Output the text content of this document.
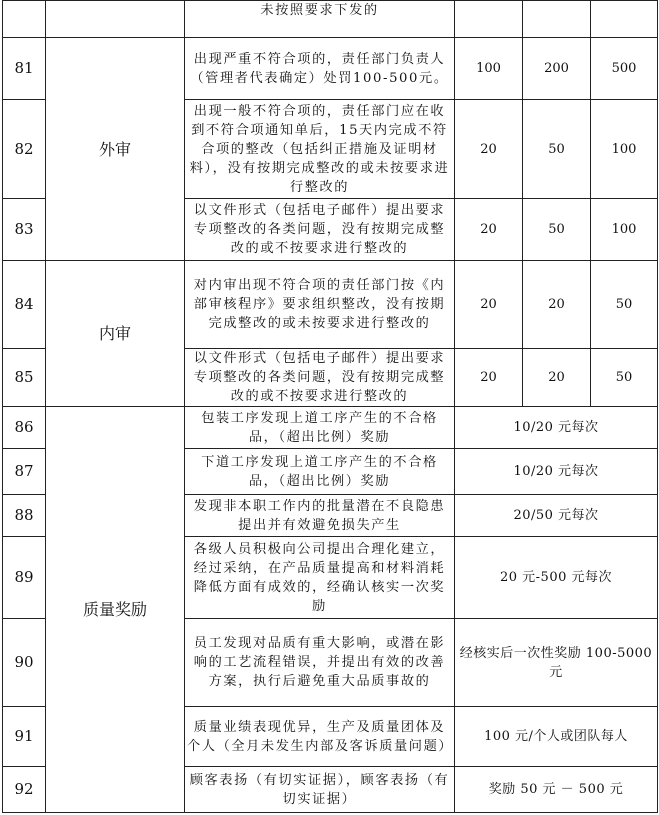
		未按照要求下发的			
81	外审	出现严重不符合项的，责任部门负责人（管理者代表确定）处罚100-500元。	100	200	500
82		出现一般不符合项的，责任部门应在收到不符合项通知单后，15天内完成不符合项的整改（包括纠正措施及证明材料），没有按期完成整改的或未按要求进行整改的	20	50	100
83		以文件形式（包括电子邮件）提出要求专项整改的各类问题，没有按期完成整改的或不按要求进行整改的	20	50	100
84	内审	对内审出现不符合项的责任部门按《内部审核程序》要求组织整改，没有按期完成整改的或未按要求进行整改的	20	20	50
85		以文件形式（包括电子邮件）提出要求专项整改的各类问题，没有按期完成整改的或不按要求进行整改的	20	20	50
86	质量奖励	包装工序发现上道工序产生的不合格品，（超出比例）奖励	10/20 元每次		
87		下道工序发现上道工序产生的不合格品，（超出比例）奖励	10/20 元每次		
88		发现非本职工作内的批量潜在不良隐患提出并有效避免损失产生	20/50 元每次		
89		各级人员积极向公司提出合理化建立，经过采纳，在产品质量提高和材料消耗降低方面有成效的，经确认核实一次奖励	20 元-500 元每次		
90		员工发现对品质有重大影响，或潜在影响的工艺流程错误，并提出有效的改善方案，执行后避免重大品质事故的	经核实后一次性奖励 100-5000元		
91		质量业绩表现优异，生产及质量团体及个人（全月未发生内部及客诉质量问题）	100 元/个人或团队每人		
92		顾客表扬（有切实证据），顾客表扬（有切实证据）	奖励 50 元 － 500 元		
